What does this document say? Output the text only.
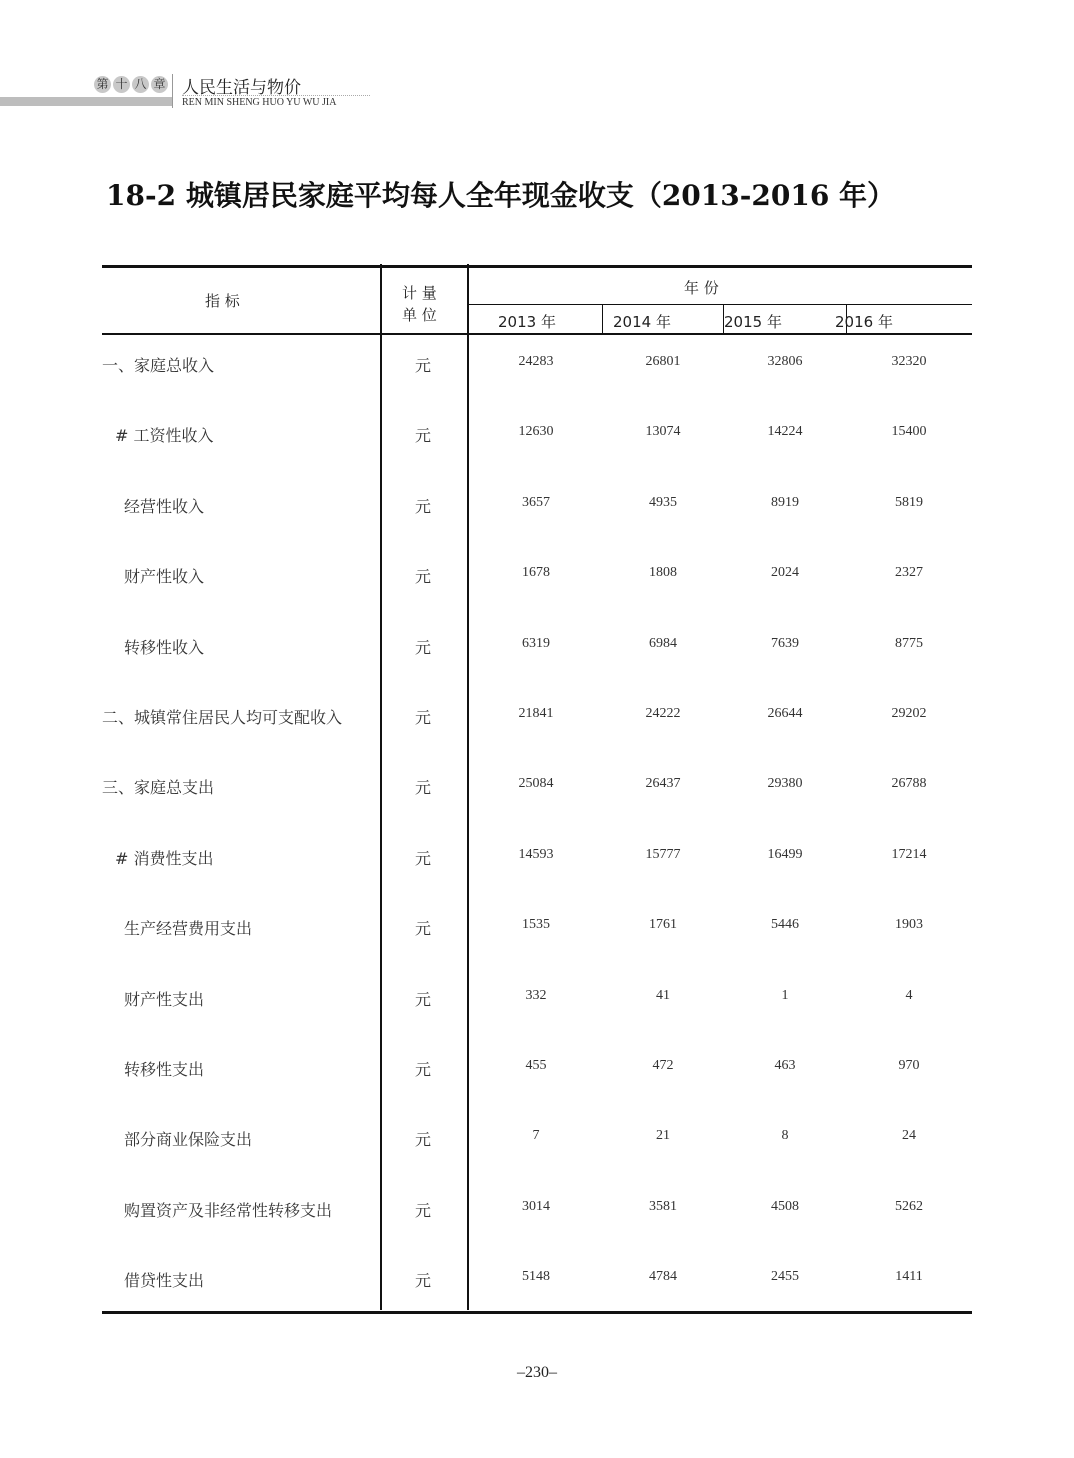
第 十 八 章 人民生活与物价
REN MIN SHENG HUO YU WU JIA
18-2 城镇居民家庭平均每人全年现金收支（2013-2016 年）
指 标	计 量
单 位
年 份
2013 年	2014 年	2015 年	2016 年
一、家庭总收入	元	24283	26801	32806	32320
# 工资性收入	元	12630	13074	14224	15400
经营性收入	元	3657	4935	8919	5819
财产性收入	元	1678	1808	2024	2327
转移性收入	元	6319	6984	7639	8775
二、城镇常住居民人均可支配收入	元	21841	24222	26644	29202
三、家庭总支出	元	25084	26437	29380	26788
# 消费性支出	元	14593	15777	16499	17214
生产经营费用支出	元	1535	1761	5446	1903
财产性支出	元	332	41	1	4
转移性支出	元	455	472	463	970
部分商业保险支出	元	7	21	8	24
购置资产及非经常性转移支出	元	3014	3581	4508	5262
借贷性支出	元	5148	4784	2455	1411
–230–
